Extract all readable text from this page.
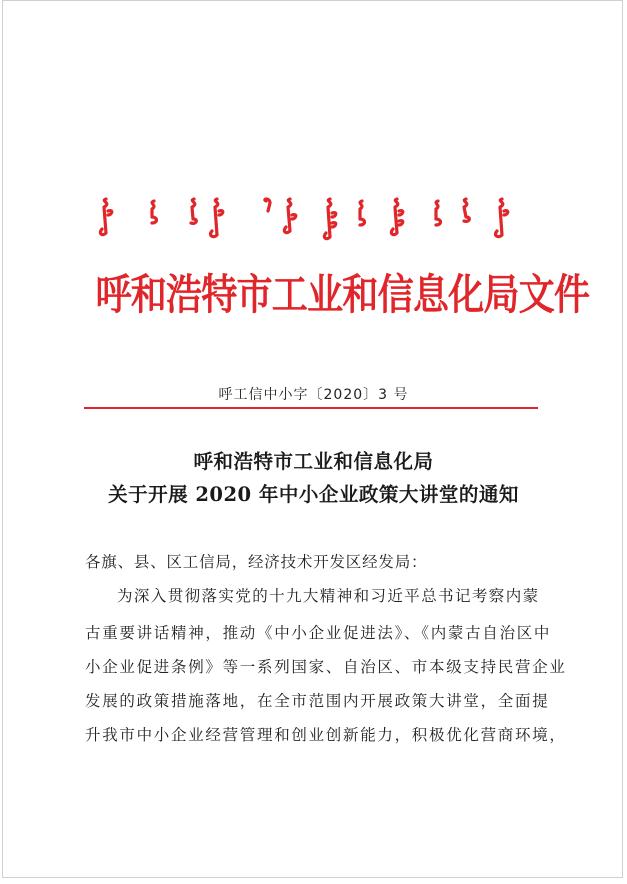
呼和浩特市工业和信息化局文件
呼工信中小字〔2020〕3 号
呼和浩特市工业和信息化局
关于开展 2020 年中小企业政策大讲堂的通知
各旗、县、区工信局，经济技术开发区经发局：
为深入贯彻落实党的十九大精神和习近平总书记考察内蒙
古重要讲话精神，推动《中小企业促进法》、《内蒙古自治区中
小企业促进条例》等一系列国家、自治区、市本级支持民营企业
发展的政策措施落地，在全市范围内开展政策大讲堂，全面提
升我市中小企业经营管理和创业创新能力，积极优化营商环境，
